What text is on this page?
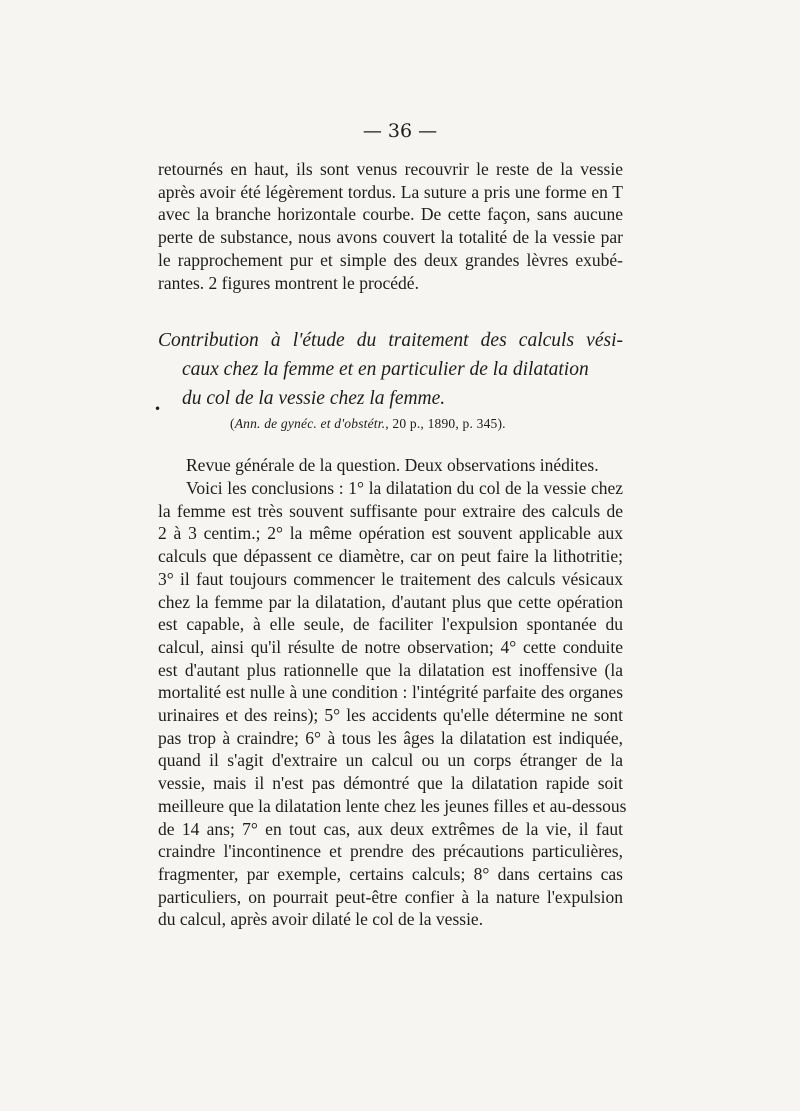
— 36 —
retournés en haut, ils sont venus recouvrir le reste de la vessie
après avoir été légèrement tordus. La suture a pris une forme en T
avec la branche horizontale courbe. De cette façon, sans aucune
perte de substance, nous avons couvert la totalité de la vessie par
le rapprochement pur et simple des deux grandes lèvres exubé-
rantes. 2 figures montrent le procédé.
Contribution à l'étude du traitement des calculs vési-
caux chez la femme et en particulier de la dilatation
du col de la vessie chez la femme.
•
(Ann. de gynéc. et d'obstétr., 20 p., 1890, p. 345).
Revue générale de la question. Deux observations inédites.
Voici les conclusions : 1° la dilatation du col de la vessie chez
la femme est très souvent suffisante pour extraire des calculs de
2 à 3 centim.; 2° la même opération est souvent applicable aux
calculs que dépassent ce diamètre, car on peut faire la lithotritie;
3° il faut toujours commencer le traitement des calculs vésicaux
chez la femme par la dilatation, d'autant plus que cette opération
est capable, à elle seule, de faciliter l'expulsion spontanée du
calcul, ainsi qu'il résulte de notre observation; 4° cette conduite
est d'autant plus rationnelle que la dilatation est inoffensive (la
mortalité est nulle à une condition : l'intégrité parfaite des organes
urinaires et des reins); 5° les accidents qu'elle détermine ne sont
pas trop à craindre; 6° à tous les âges la dilatation est indiquée,
quand il s'agit d'extraire un calcul ou un corps étranger de la
vessie, mais il n'est pas démontré que la dilatation rapide soit
meilleure que la dilatation lente chez les jeunes filles et au-dessous
de 14 ans; 7° en tout cas, aux deux extrêmes de la vie, il faut
craindre l'incontinence et prendre des précautions particulières,
fragmenter, par exemple, certains calculs; 8° dans certains cas
particuliers, on pourrait peut-être confier à la nature l'expulsion
du calcul, après avoir dilaté le col de la vessie.
